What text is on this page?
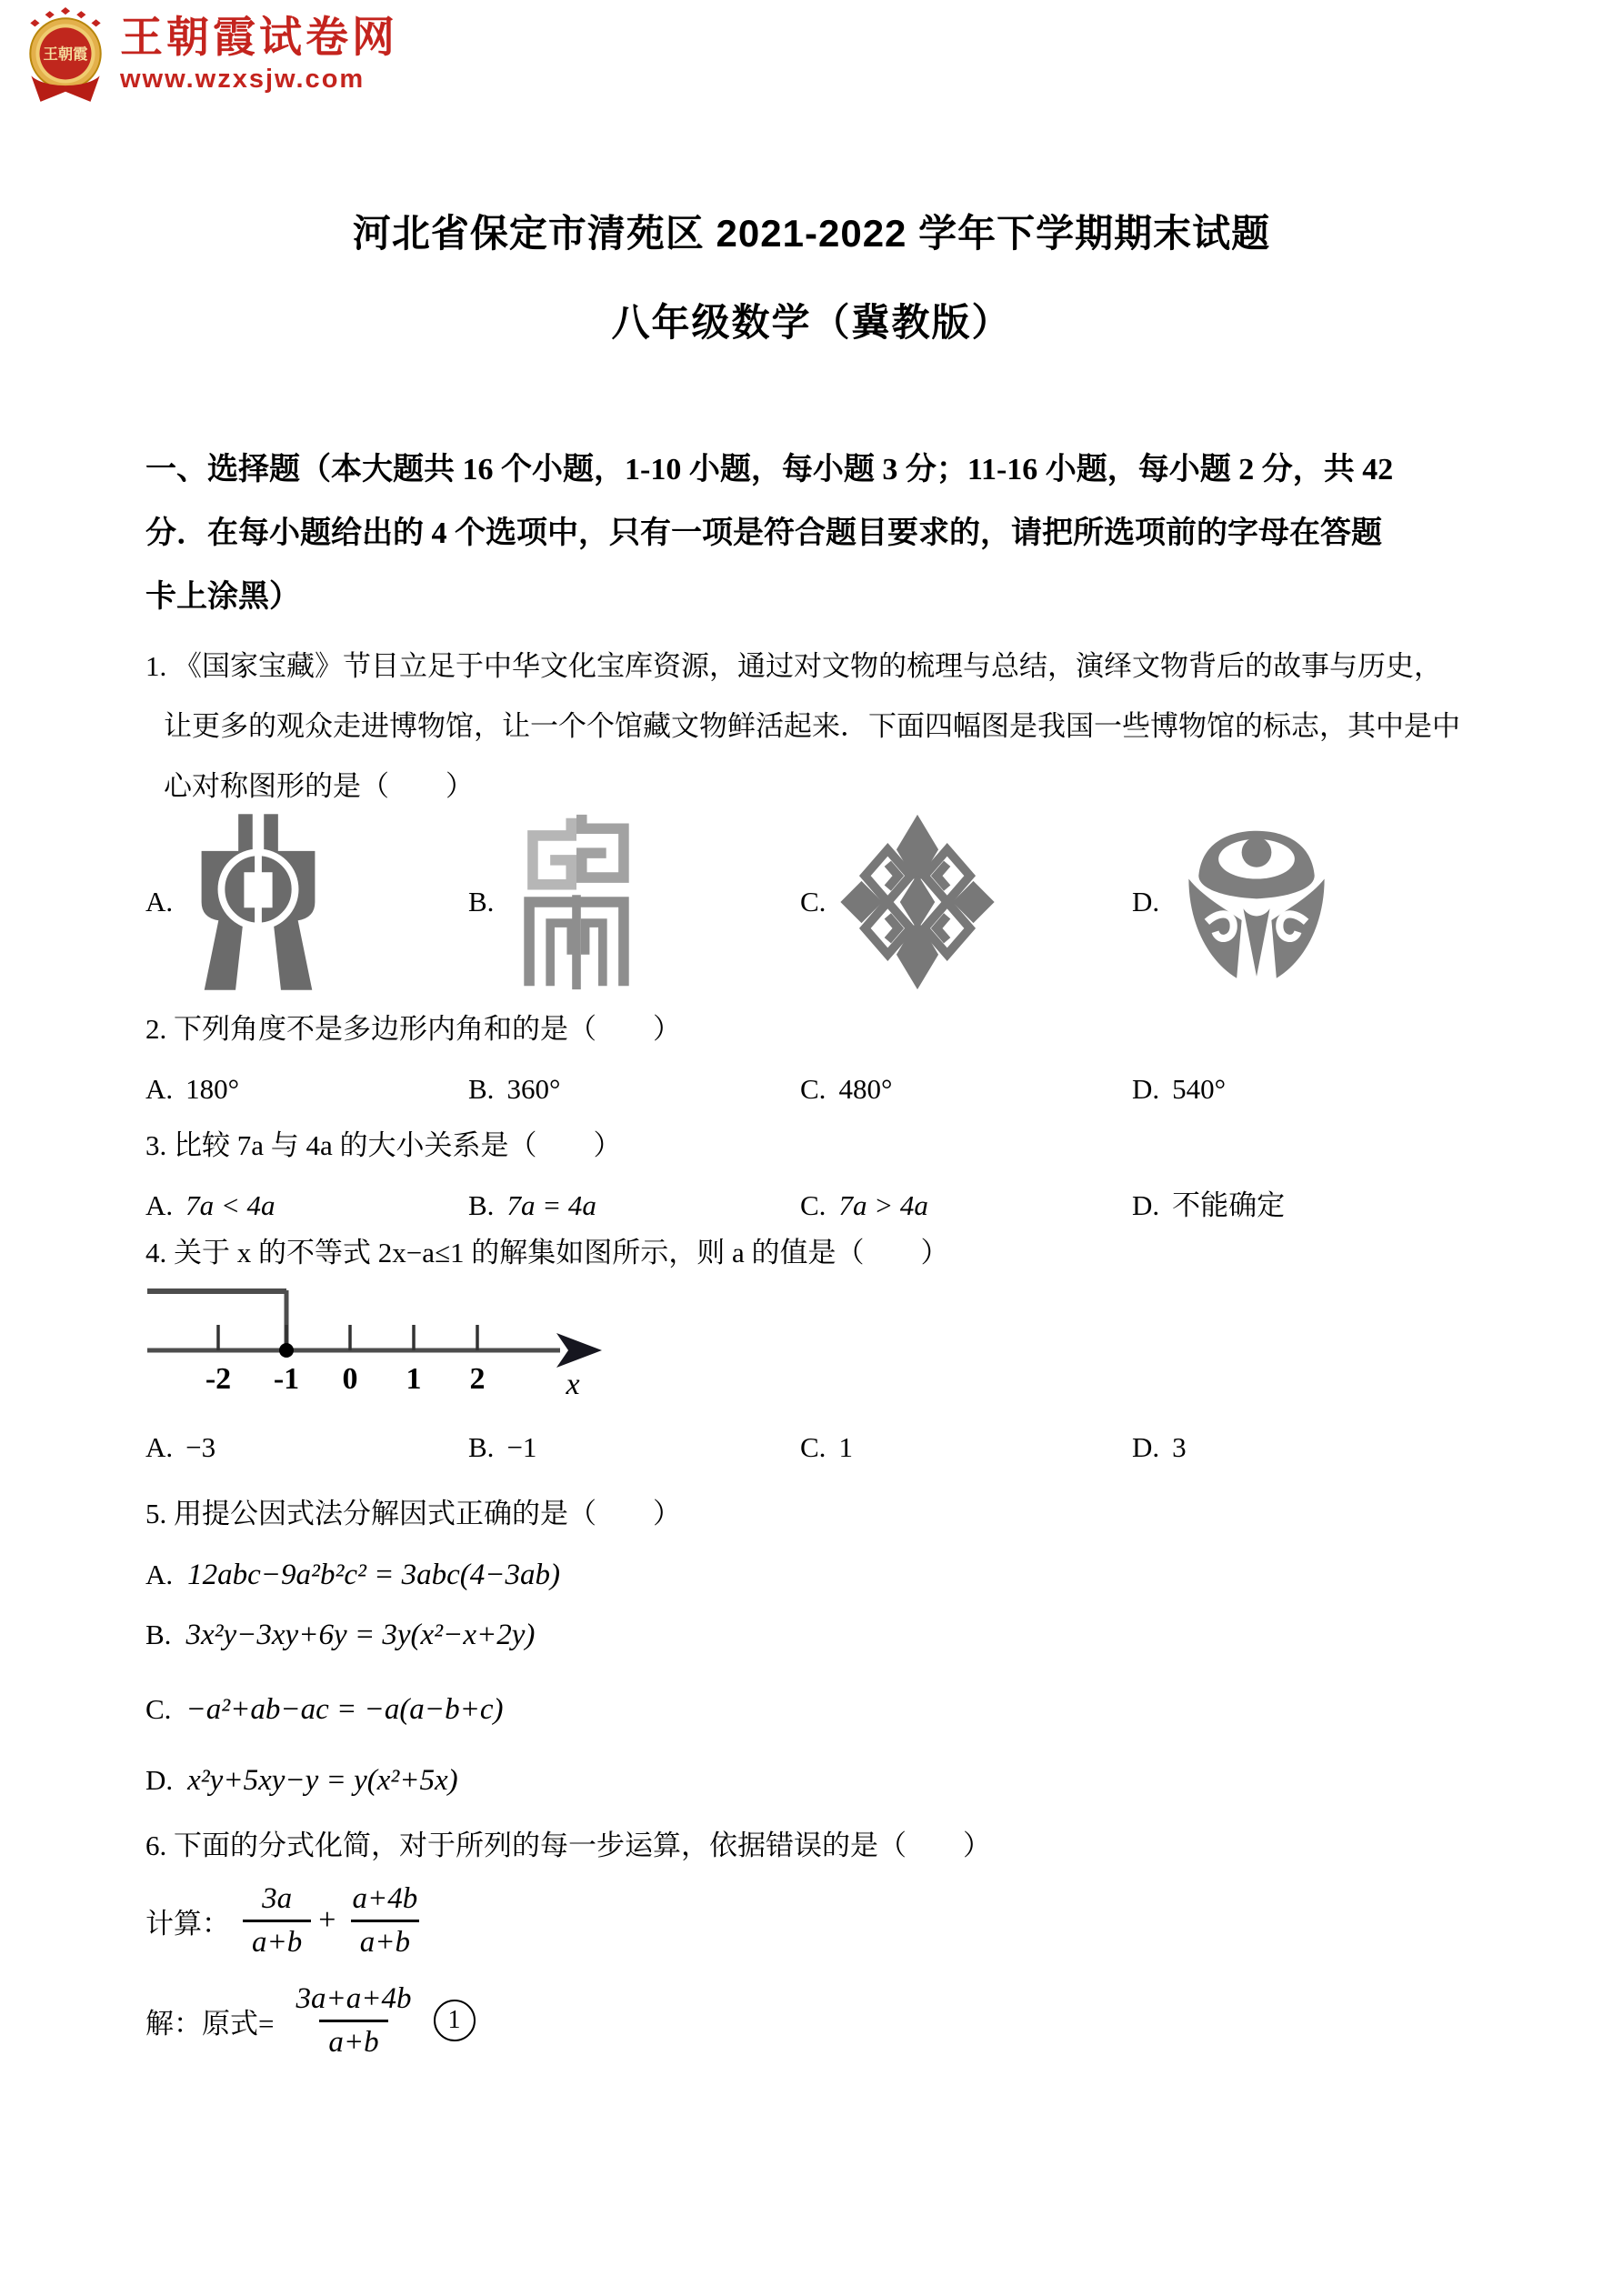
王朝霞 王朝霞试卷网
www.wzxsjw.com
河北省保定市清苑区 2021-2022 学年下学期期末试题
八年级数学（冀教版）
一、选择题（本大题共 16 个小题，1-10 小题，每小题 3 分；11-16 小题，每小题 2 分，共 42
分．在每小题给出的 4 个选项中，只有一项是符合题目要求的，请把所选项前的字母在答题
卡上涂黑）
1. 《国家宝藏》节目立足于中华文化宝库资源，通过对文物的梳理与总结，演绎文物背后的故事与历史，
让更多的观众走进博物馆，让一个个馆藏文物鲜活起来．下面四幅图是我国一些博物馆的标志，其中是中
心对称图形的是（　　）
A.	B.	C.	D.
2. 下列角度不是多边形内角和的是（　　）
A. 180°	B. 360°	C. 480°	D. 540°
3. 比较 7a 与 4a 的大小关系是（　　）
A. 7a < 4a	B. 7a = 4a	C. 7a > 4a	D. 不能确定
4. 关于 x 的不等式 2x−a≤1 的解集如图所示，则 a 的值是（　　）
-2 -1 0 1 2	x
A. −3	B. −1	C. 1	D. 3
5. 用提公因式法分解因式正确的是（　　）
A. 12abc−9a²b²c² = 3abc(4−3ab)
B. 3x²y−3xy+6y = 3y(x²−x+2y)
C. −a²+ab−ac = −a(a−b+c)
D. x²y+5xy−y = y(x²+5x)
6. 下面的分式化简，对于所列的每一步运算，依据错误的是（　　）
计算： $\frac{3a}{a+b} + \frac{a+4b}{a+b}$
解：原式= $\frac{3a+a+4b}{a+b}$	1
